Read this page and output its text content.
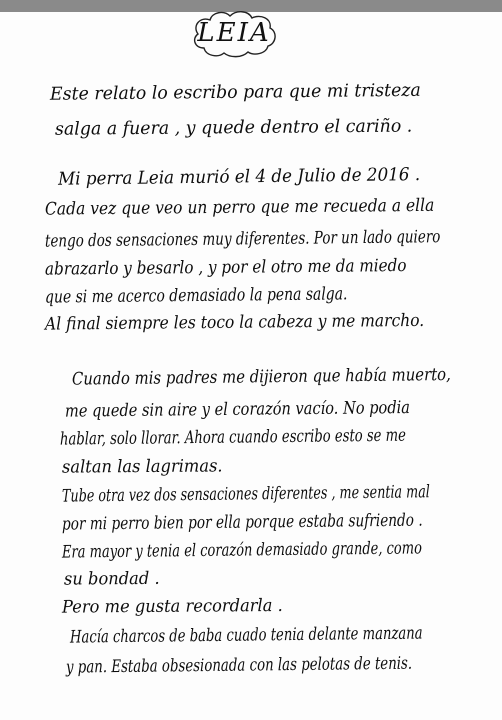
LEIA
Este relato lo escribo para que mi tristeza
salga a fuera , y quede dentro el cariño .
Mi perra Leia murió el 4 de Julio de 2016 .
Cada vez que veo un perro que me recueda a ella
tengo dos sensaciones muy diferentes. Por un lado quiero
abrazarlo y besarlo , y por el otro me da miedo
que si me acerco demasiado la pena salga.
Al final siempre les toco la cabeza y me marcho.
Cuando mis padres me dijieron que había muerto,
me quede sin aire y el corazón vacío. No podia
hablar, solo llorar. Ahora cuando escribo esto se me
saltan las lagrimas.
Tube otra vez dos sensaciones diferentes , me sentia mal
por mi perro bien por ella porque estaba sufriendo .
Era mayor y tenia el corazón demasiado grande, como
su bondad .
Pero me gusta recordarla .
Hacía charcos de baba cuado tenia delante manzana
y pan. Estaba obsesionada con las pelotas de tenis.
